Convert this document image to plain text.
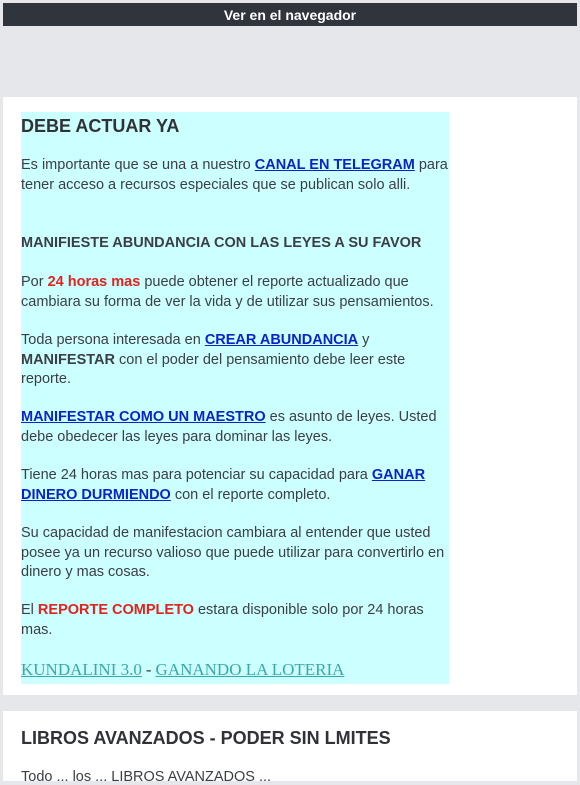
Ver en el navegador
DEBE ACTUAR YA

Es importante que se una a nuestro CANAL EN TELEGRAM para tener acceso a recursos especiales que se publican solo alli.

MANIFIESTE ABUNDANCIA CON LAS LEYES A SU FAVOR

Por 24 horas mas puede obtener el reporte actualizado que cambiara su forma de ver la vida y de utilizar sus pensamientos.

Toda persona interesada en CREAR ABUNDANCIA y MANIFESTAR con el poder del pensamiento debe leer este reporte.

MANIFESTAR COMO UN MAESTRO es asunto de leyes. Usted debe obedecer las leyes para dominar las leyes.

Tiene 24 horas mas para potenciar su capacidad para GANAR DINERO DURMIENDO con el reporte completo.

Su capacidad de manifestacion cambiara al entender que usted posee ya un recurso valioso que puede utilizar para convertirlo en dinero y mas cosas.

El REPORTE COMPLETO estara disponible solo por 24 horas mas.

KUNDALINI 3.0 - GANANDO LA LOTERIA
LIBROS AVANZADOS - PODER SIN LMITES
Todo ... los ... LIBROS AVANZADOS ...
